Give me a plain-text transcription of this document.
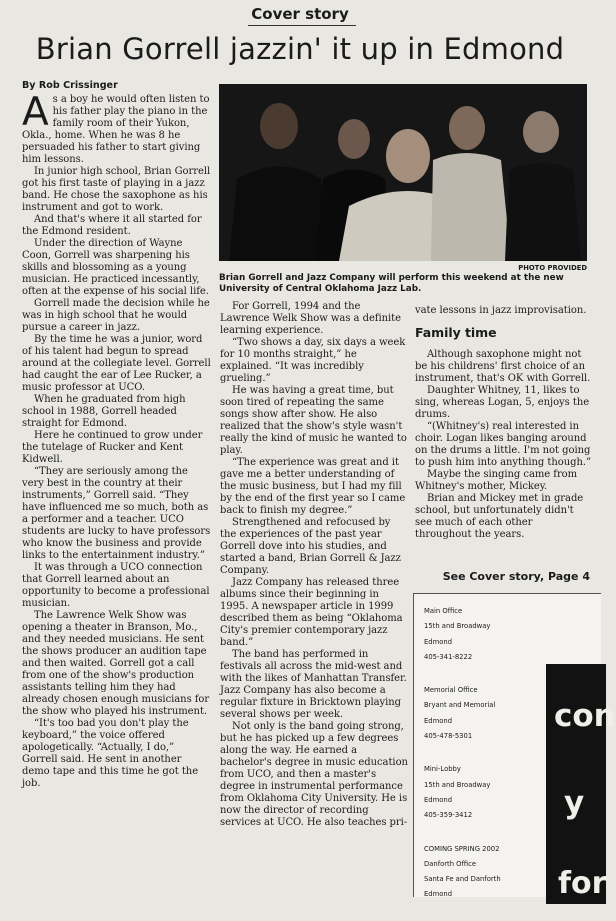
Cover story
Brian Gorrell jazzin' it up in Edmond
By Rob Crissinger

As a boy he would often listen to his father play the piano in the family room of their Yukon, Okla., home. When he was 8 he persuaded his father to start giving him lessons.

In junior high school, Brian Gorrell got his first taste of playing in a jazz band. He chose the saxophone as his instrument and got to work.

And that's where it all started for the Edmond resident.

Under the direction of Wayne Coon, Gorrell was sharpening his skills and blossoming as a young musician. He practiced incessantly, often at the expense of his social life.

Gorrell made the decision while he was in high school that he would pursue a career in jazz.

By the time he was a junior, word of his talent had begun to spread around at the collegiate level. Gorrell had caught the ear of Lee Rucker, a music professor at UCO.

When he graduated from high school in 1988, Gorrell headed straight for Edmond.

Here he continued to grow under the tutelage of Rucker and Kent Kidwell.

“They are seriously among the very best in the country at their instruments,” Gorrell said. “They have influenced me so much, both as a performer and a teacher. UCO students are lucky to have professors who know the business and provide links to the entertainment industry.”

It was through a UCO connection that Gorrell learned about an opportunity to become a professional musician.

The Lawrence Welk Show was opening a theater in Branson, Mo., and they needed musicians. He sent the shows producer an audition tape and then waited. Gorrell got a call from one of the show's production assistants telling him they had already chosen enough musicians for the show who played his instrument.

“It's too bad you don't play the keyboard,” the voice offered apologetically. “Actually, I do,” Gorrell said. He sent in another demo tape and this time he got the job.

PHOTO PROVIDED
Brian Gorrell and Jazz Company will perform this weekend at the new University of Central Oklahoma Jazz Lab.

For Gorrell, 1994 and the Lawrence Welk Show was a definite learning experience.

“Two shows a day, six days a week for 10 months straight,” he explained. “It was incredibly grueling.”

He was having a great time, but soon tired of repeating the same songs show after show. He also realized that the show's style wasn't really the kind of music he wanted to play.

“The experience was great and it gave me a better understanding of the music business, but I had my fill by the end of the first year so I came back to finish my degree.”

Strengthened and refocused by the experiences of the past year Gorrell dove into his studies, and started a band, Brian Gorrell & Jazz Company.

Jazz Company has released three albums since their beginning in 1995. A newspaper article in 1999 described them as being “Oklahoma City's premier contemporary jazz band.”

The band has performed in festivals all across the mid-west and with the likes of Manhattan Transfer. Jazz Company has also become a regular fixture in Bricktown playing several shows per week.

Not only is the band going strong, but he has picked up a few degrees along the way. He earned a bachelor's degree in music education from UCO, and then a master's degree in instrumental performance from Oklahoma City University. He is now the director of recording services at UCO. He also teaches pri-

vate lessons in jazz improvisation.

Family time

Although saxophone might not be his childrens' first choice of an instrument, that's OK with Gorrell.

Daughter Whitney, 11, likes to sing, whereas Logan, 5, enjoys the drums.

“(Whitney's) real interested in choir. Logan likes banging around on the drums a little. I'm not going to push him into anything though.”

Maybe the singing came from Whitney's mother, Mickey.

Brian and Mickey met in grade school, but unfortunately didn't see much of each other throughout the years.

See Cover story, Page 4
Main Office
15th and Broadway
Edmond
405-341-8222
Memorial Office
Bryant and Memorial
Edmond
405-478-5301
Mini-Lobby
15th and Broadway
Edmond
405-359-3412
COMING SPRING 2002
Danforth Office
Santa Fe and Danforth
Edmond
con
y
for
